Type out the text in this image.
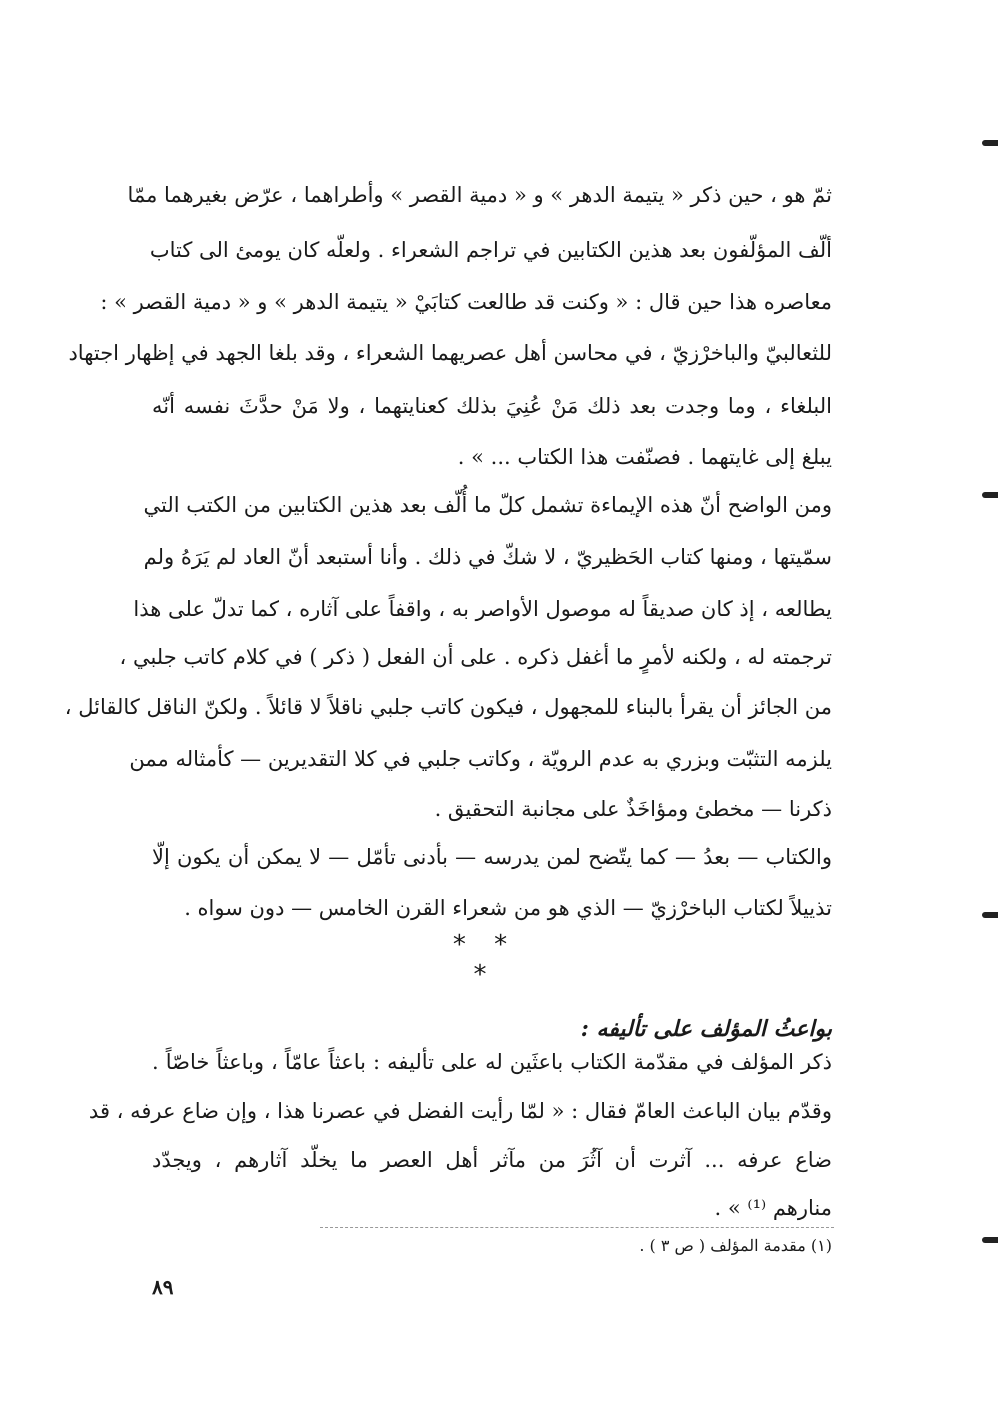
ثمّ هو ، حين ذكر « يتيمة الدهر » و « دمية القصر » وأطراهما ، عرّض بغيرهما ممّا
ألّف المؤلّفون بعد هذين الكتابين في تراجم الشعراء . ولعلّه كان يومئ الى كتاب
معاصره هذا حين قال : « وكنت قد طالعت كتابَيْ « يتيمة الدهر » و « دمية القصر » :
للثعالبيّ والباخرْزيّ ، في محاسن أهل عصريهما الشعراء ، وقد بلغا الجهد في إظهار اجتهاد
البلغاء ، وما وجدت بعد ذلك مَنْ عُنِيَ بذلك كعنايتهما ، ولا مَنْ حدَّثَ نفسه أنّه
يبلغ إلى غايتهما . فصنّفت هذا الكتاب ... » .
ومن الواضح أنّ هذه الإيماءة تشمل كلّ ما أُلّف بعد هذين الكتابين من الكتب التي
سمّيتها ، ومنها كتاب الحَظيريّ ، لا شكّ في ذلك . وأنا أستبعد أنّ العاد لم يَرَهُ ولم
يطالعه ، إذ كان صديقاً له موصول الأواصر به ، واقفاً على آثاره ، كما تدلّ على هذا
ترجمته له ، ولكنه لأمرٍ ما أغفل ذكره . على أن الفعل ( ذكر ) في كلام كاتب جلبي ،
من الجائز أن يقرأ بالبناء للمجهول ، فيكون كاتب جلبي ناقلاً لا قائلاً . ولكنّ الناقل كالقائل ،
يلزمه التثبّت وبزري به عدم الرويّة ، وكاتب جلبي في كلا التقديرين — كأمثاله ممن
ذكرنا — مخطئ ومؤاخَذٌ على مجانبة التحقيق .
والكتاب — بعدُ — كما يتّضح لمن يدرسه — بأدنى تأمّل — لا يمكن أن يكون إلّا
تذييلاً لكتاب الباخرْزيّ — الذي هو من شعراء القرن الخامس — دون سواه .
* * *
بواعثُ المؤلف على تأليفه :
ذكر المؤلف في مقدّمة الكتاب باعثَين له على تأليفه : باعثاً عامّاً ، وباعثاً خاصّاً .
وقدّم بيان الباعث العامّ فقال : « لمّا رأيت الفضل في عصرنا هذا ، وإن ضاع عرفه ، قد
ضاع عرفه ... آثرت أن آثُرَ من مآثر أهل العصر ما يخلّد آثارهم ، ويجدّد
منارهم ⁽¹⁾ » .
(١) مقدمة المؤلف ( ص ٣ ) .
٨٩
